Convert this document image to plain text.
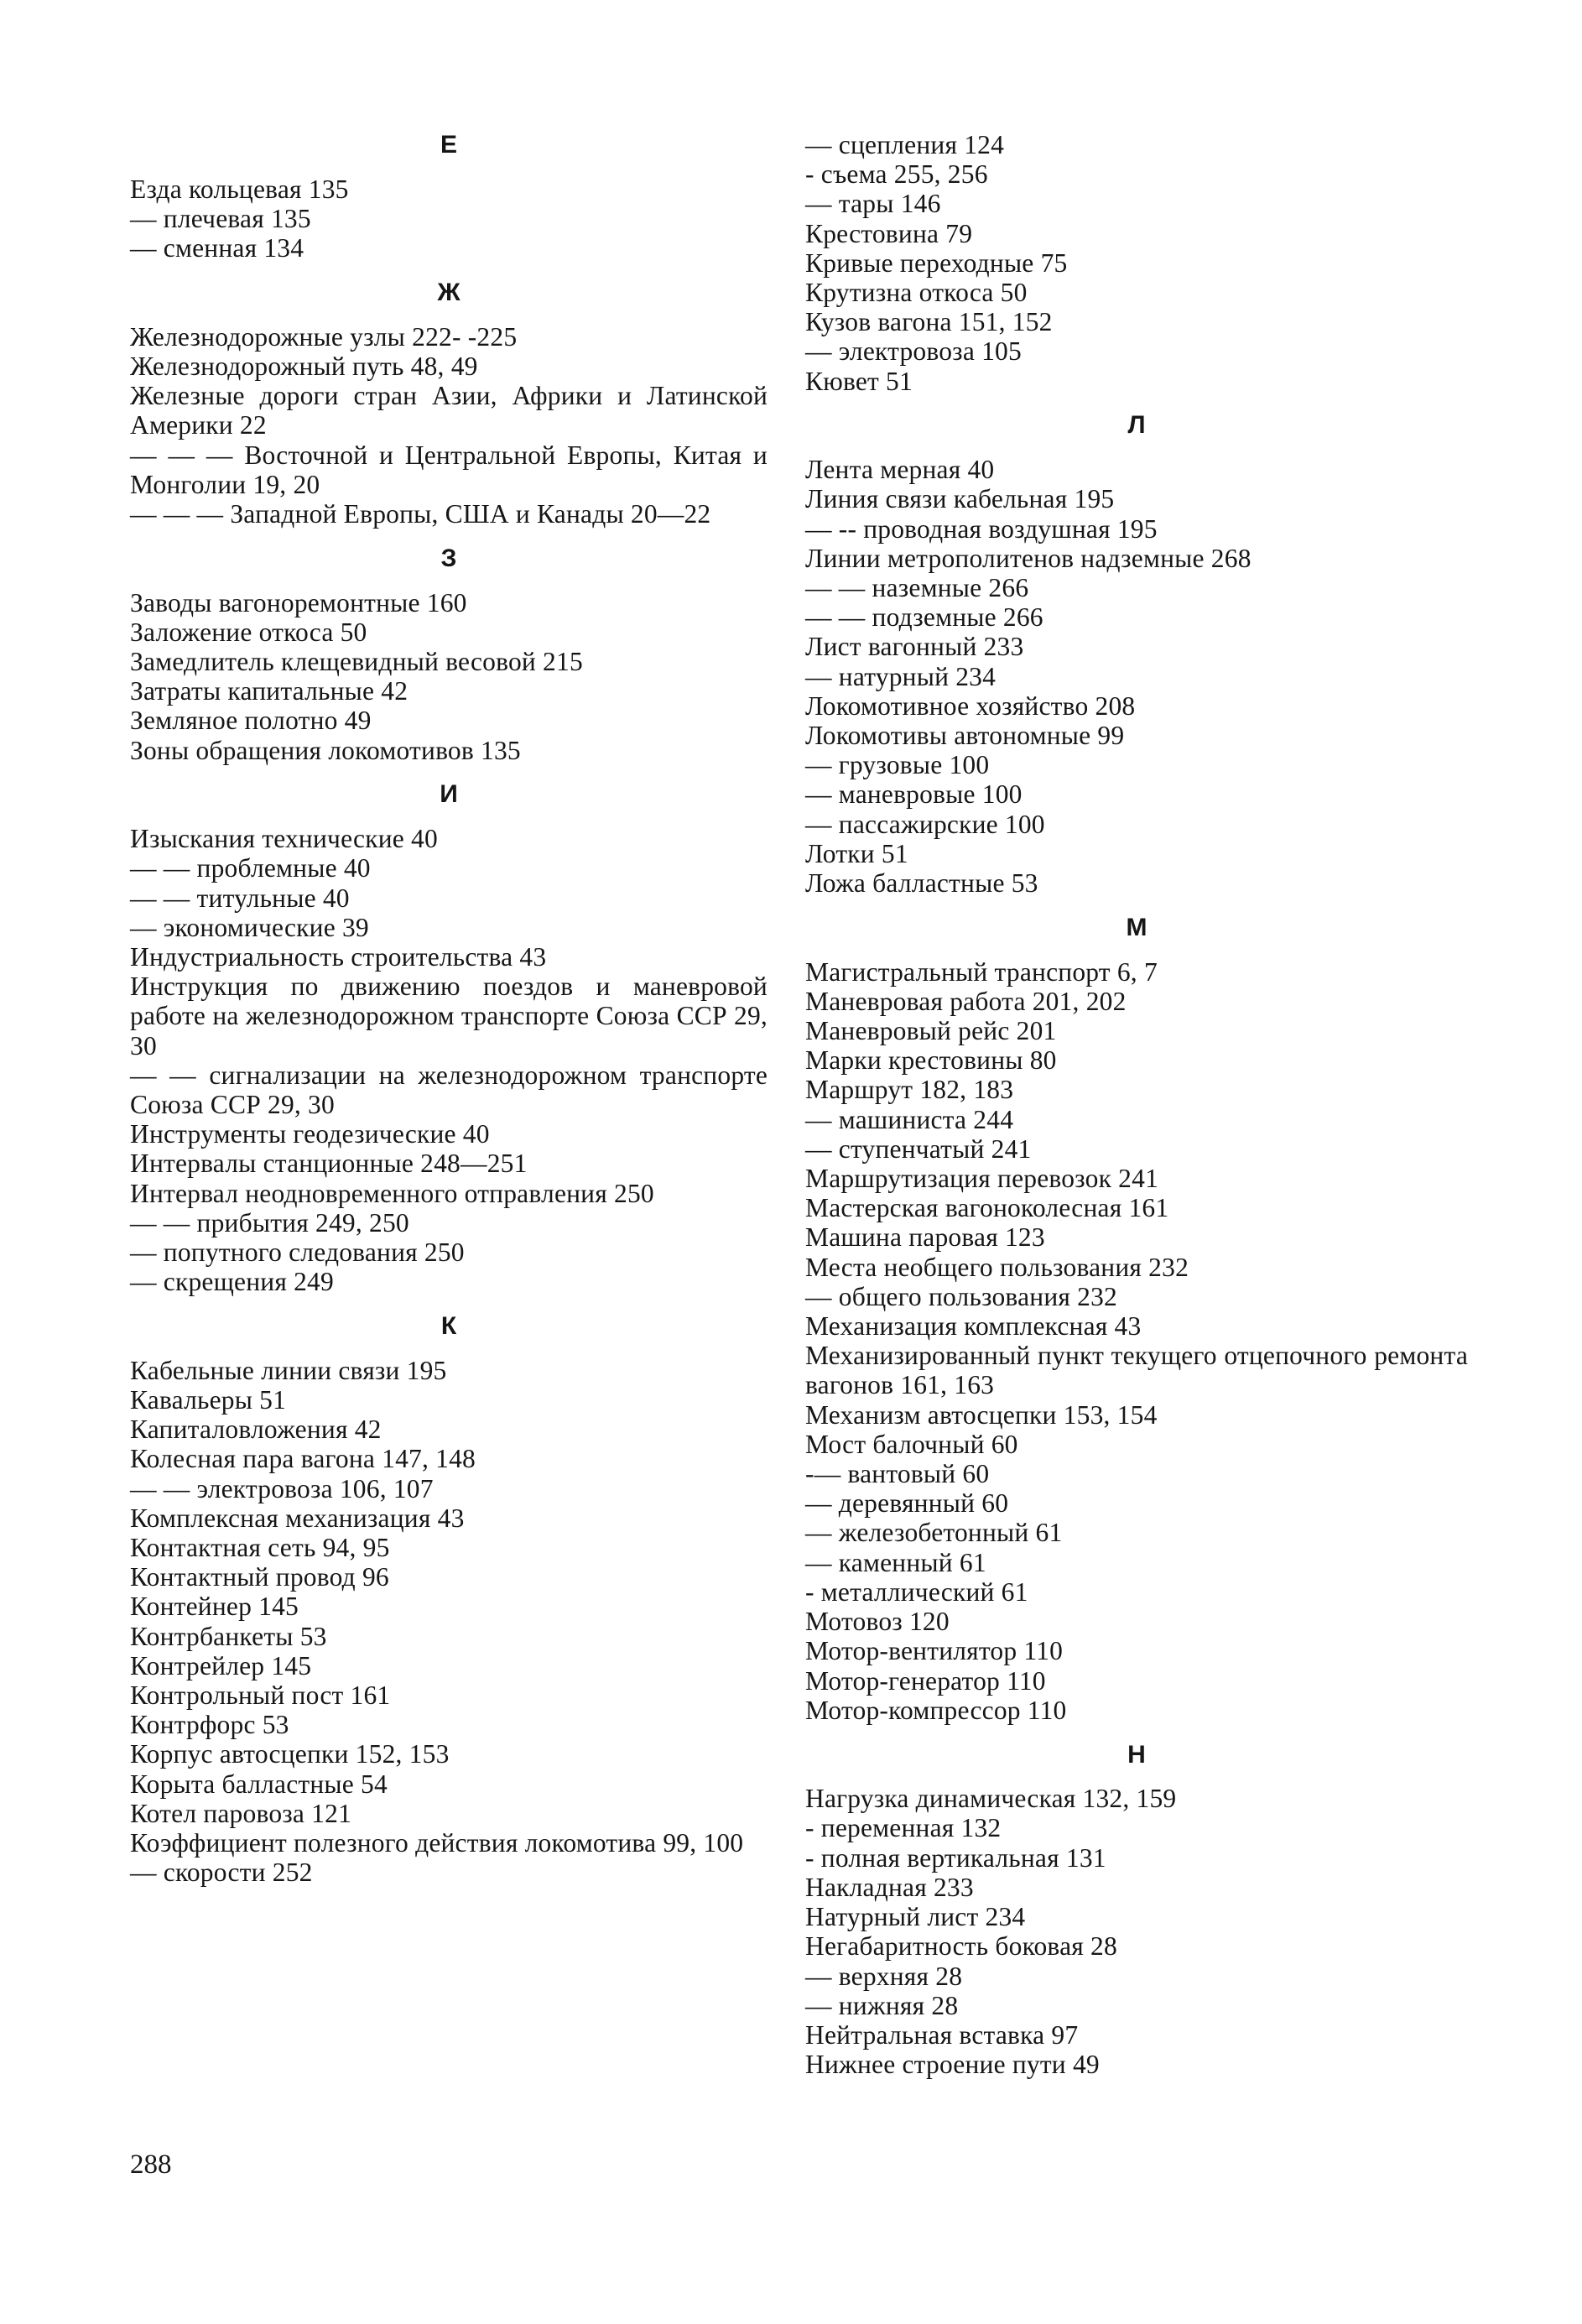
Е
Езда кольцевая 135
— плечевая 135
— сменная 134
Ж
Железнодорожные узлы 222- -225
Железнодорожный путь 48, 49
Железные дороги стран Азии, Африки и Латинской Америки 22
— — — Восточной и Центральной Европы, Китая и Монголии 19, 20
— — — Западной Европы, США и Канады 20—22
З
Заводы вагоноремонтные 160
Заложение откоса 50
Замедлитель клещевидный весовой 215
Затраты капитальные 42
Земляное полотно 49
Зоны обращения локомотивов 135
И
Изыскания технические 40
— — проблемные 40
— — титульные 40
— экономические 39
Индустриальность строительства 43
Инструкция по движению поездов и маневровой работе на железнодорожном транспорте Союза ССР 29, 30
— — сигнализации на железнодорожном транспорте Союза ССР 29, 30
Инструменты геодезические 40
Интервалы станционные 248—251
Интервал неодновременного отправления 250
— — прибытия 249, 250
— попутного следования 250
— скрещения 249
К
Кабельные линии связи 195
Кавальеры 51
Капиталовложения 42
Колесная пара вагона 147, 148
— — электровоза 106, 107
Комплексная механизация 43
Контактная сеть 94, 95
Контактный провод 96
Контейнер 145
Контрбанкеты 53
Контрейлер 145
Контрольный пост 161
Контрфорс 53
Корпус автосцепки 152, 153
Корыта балластные 54
Котел паровоза 121
Коэффициент полезного действия локомотива 99, 100
— скорости 252
— сцепления 124
- съема 255, 256
— тары 146
Крестовина 79
Кривые переходные 75
Крутизна откоса 50
Кузов вагона 151, 152
— электровоза 105
Кювет 51
Л
Лента мерная 40
Линия связи кабельная 195
— -- проводная воздушная 195
Линии метрополитенов надземные 268
— — наземные 266
— — подземные 266
Лист вагонный 233
— натурный 234
Локомотивное хозяйство 208
Локомотивы автономные 99
— грузовые 100
— маневровые 100
— пассажирские 100
Лотки 51
Ложа балластные 53
М
Магистральный транспорт 6, 7
Маневровая работа 201, 202
Маневровый рейс 201
Марки крестовины 80
Маршрут 182, 183
— машиниста 244
— ступенчатый 241
Маршрутизация перевозок 241
Мастерская вагоноколесная 161
Машина паровая 123
Места необщего пользования 232
— общего пользования 232
Механизация комплексная 43
Механизированный пункт текущего отцепочного ремонта вагонов 161, 163
Механизм автосцепки 153, 154
Мост балочный 60
-— вантовый 60
— деревянный 60
— железобетонный 61
— каменный 61
- металлический 61
Мотовоз 120
Мотор-вентилятор 110
Мотор-генератор 110
Мотор-компрессор 110
Н
Нагрузка динамическая 132, 159
- переменная 132
- полная вертикальная 131
Накладная 233
Натурный лист 234
Негабаритность боковая 28
— верхняя 28
— нижняя 28
Нейтральная вставка 97
Нижнее строение пути 49
288
